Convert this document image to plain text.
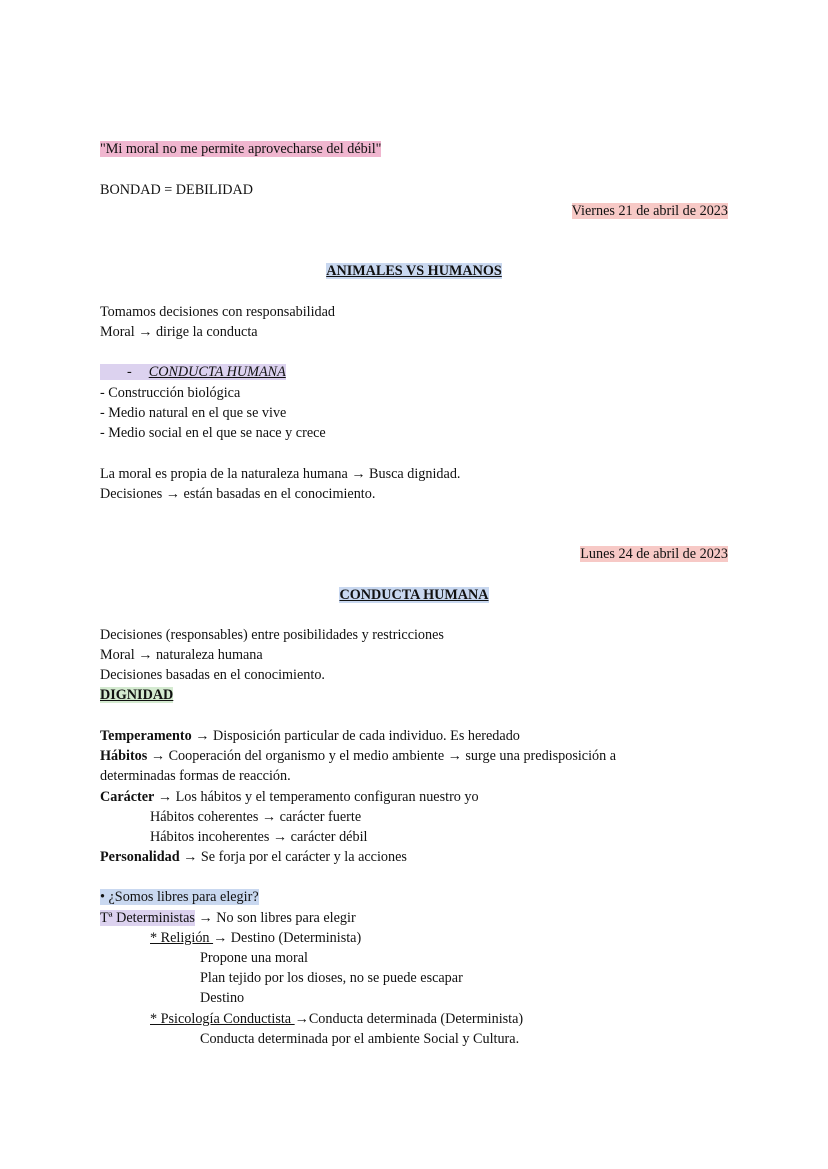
"Mi moral no me permite aprovecharse del débil"
BONDAD = DEBILIDAD
Viernes 21 de abril de 2023
ANIMALES VS HUMANOS
Tomamos decisiones con responsabilidad
Moral → dirige la conducta
- CONDUCTA HUMANA
- Construcción biológica
- Medio natural en el que se vive
- Medio social en el que se nace y crece
La moral es propia de la naturaleza humana → Busca dignidad.
Decisiones → están basadas en el conocimiento.
Lunes 24 de abril de 2023
CONDUCTA HUMANA
Decisiones (responsables) entre posibilidades y restricciones
Moral → naturaleza humana
Decisiones basadas en el conocimiento.
DIGNIDAD
Temperamento → Disposición particular de cada individuo. Es heredado
Hábitos → Cooperación del organismo y el medio ambiente → surge una predisposición a
determinadas formas de reacción.
Carácter → Los hábitos y el temperamento configuran nuestro yo
Hábitos coherentes → carácter fuerte
Hábitos incoherentes → carácter débil
Personalidad → Se forja por el carácter y la acciones
• ¿Somos libres para elegir?
Tª Deterministas → No son libres para elegir
* Religión → Destino (Determinista)
Propone una moral
Plan tejido por los dioses, no se puede escapar
Destino
* Psicología Conductista →Conducta determinada (Determinista)
Conducta determinada por el ambiente Social y Cultura.
